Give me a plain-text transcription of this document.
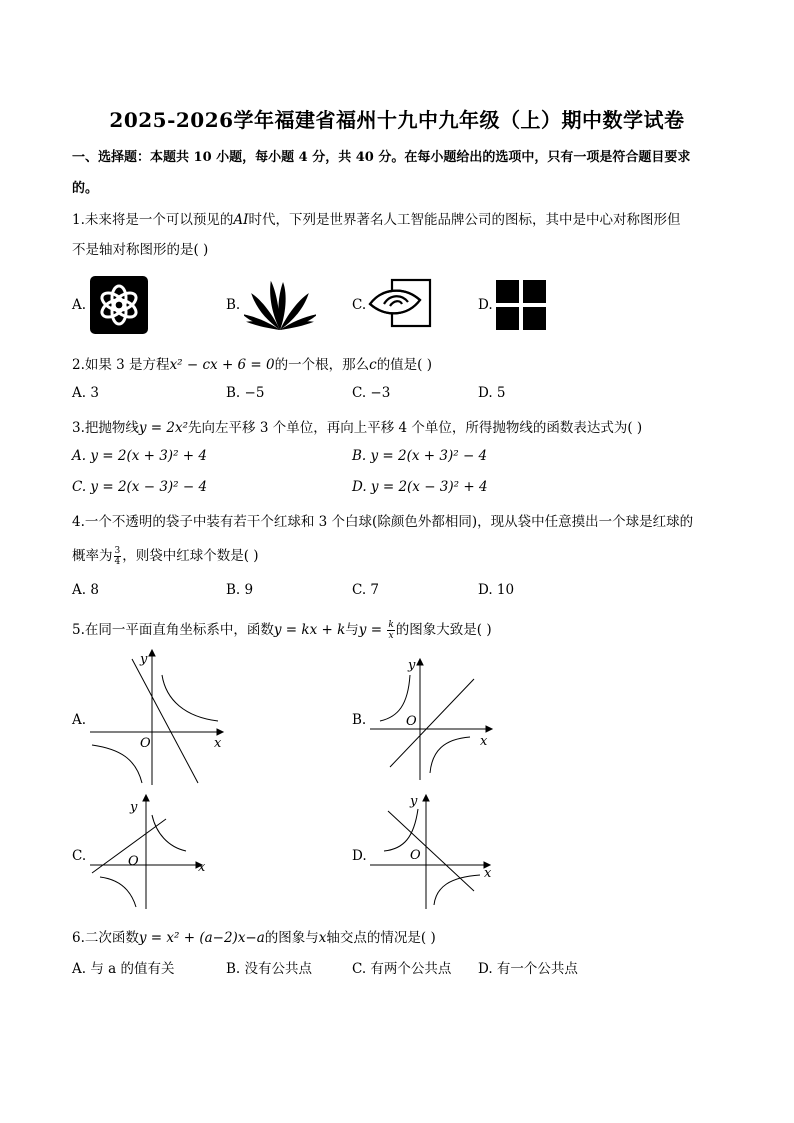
2025-2026学年福建省福州十九中九年级（上）期中数学试卷
一、选择题：本题共 10 小题，每小题 4 分，共 40 分。在每小题给出的选项中，只有一项是符合题目要求
的。
1.未来将是一个可以预见的AI时代，下列是世界著名人工智能品牌公司的图标，其中是中心对称图形但
不是轴对称图形的是( )
A.	B.	C.	D.
2.如果 3 是方程x² − cx + 6 = 0的一个根，那么c的值是( )
A. 3	B. −5	C. −3	D. 5
3.把抛物线y = 2x²先向左平移 3 个单位，再向上平移 4 个单位，所得抛物线的函数表达式为( )
A. y = 2(x + 3)² + 4	B. y = 2(x + 3)² − 4
C. y = 2(x − 3)² − 4	D. y = 2(x − 3)² + 4
4.一个不透明的袋子中装有若干个红球和 3 个白球(除颜色外都相同)，现从袋中任意摸出一个球是红球的
概率为 $\frac{3}{4}$ ，则袋中红球个数是( )
A. 8	B. 9	C. 7	D. 10
5.在同一平面直角坐标系中，函数y = kx + k与$y = \frac{k}{x}$ 的图象大致是( )
A.
y
x
O
B.
y
x
O
C.
y
x
O	D.
y
x
O
6.二次函数y = x² + (a−2)x−a的图象与x轴交点的情况是( )
A. 与 a 的值有关	B. 没有公共点	C. 有两个公共点 D. 有一个公共点
